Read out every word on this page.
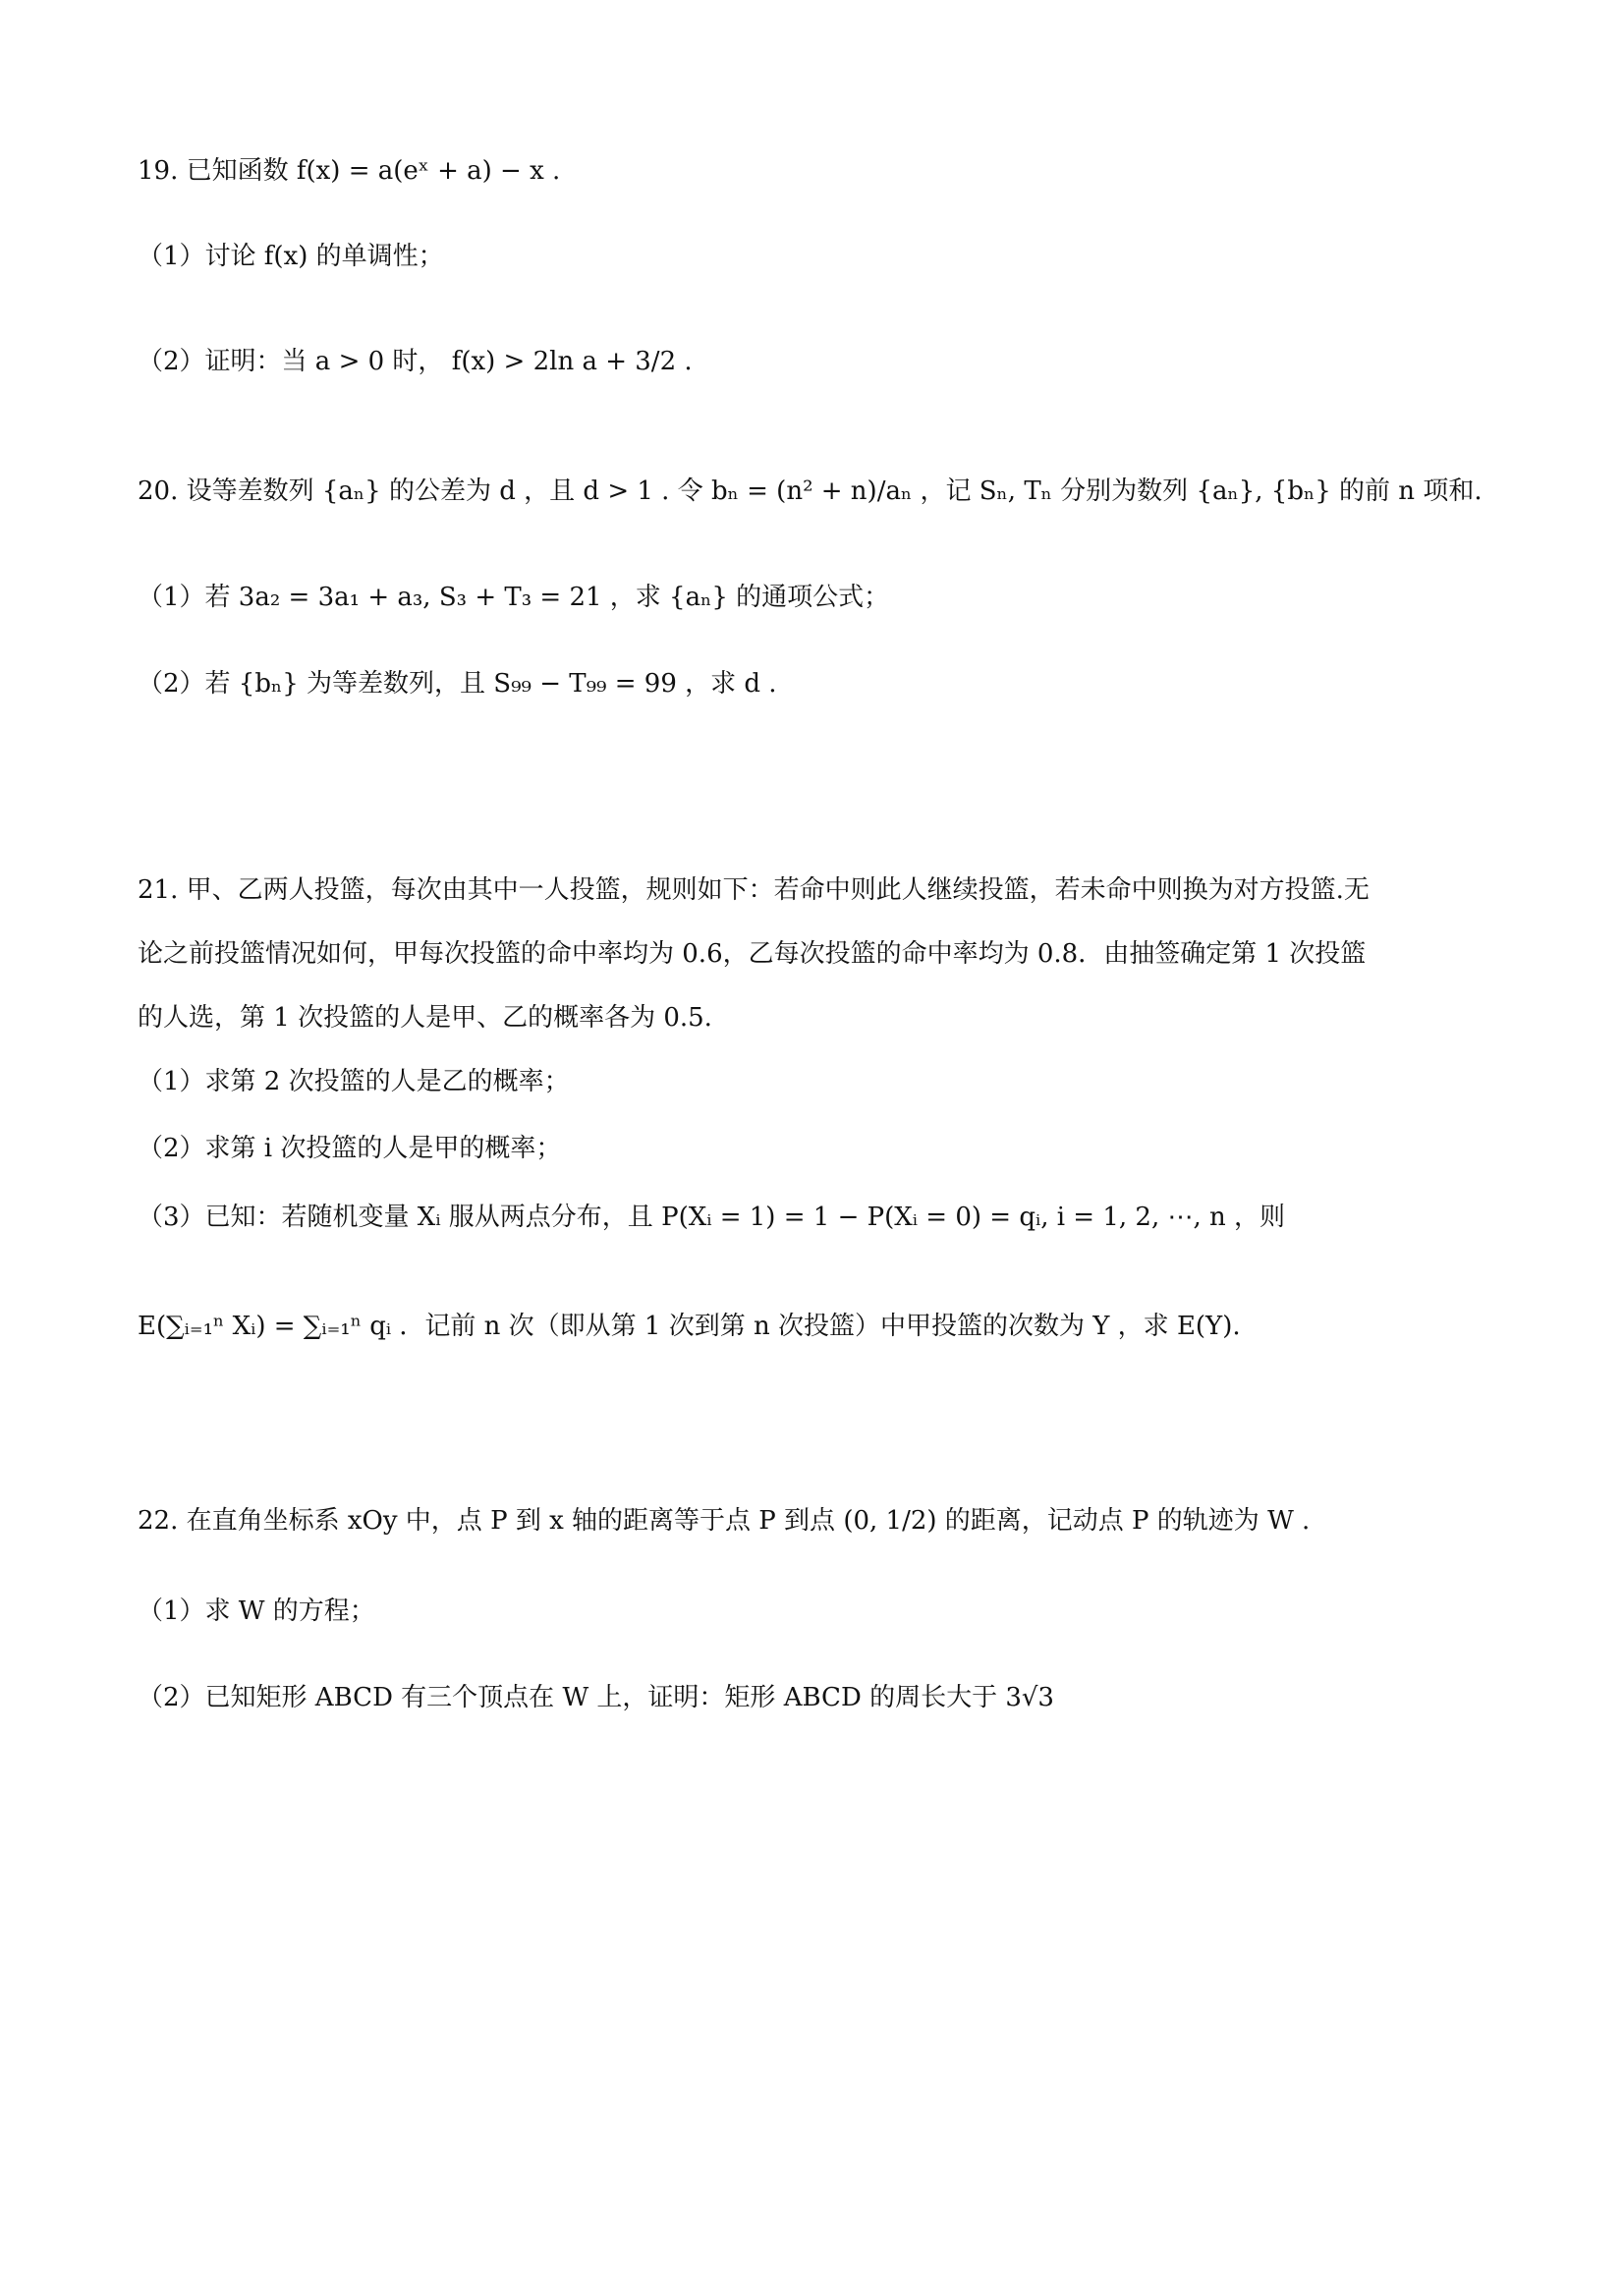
19. 已知函数 f(x) = a(eˣ + a) − x .
（1）讨论 f(x) 的单调性；
（2）证明：当 a > 0 时， f(x) > 2ln a + 3/2 .
20. 设等差数列 {aₙ} 的公差为 d ，且 d > 1 . 令 bₙ = (n² + n)/aₙ ，记 Sₙ, Tₙ 分别为数列 {aₙ}, {bₙ} 的前 n 项和.
（1）若 3a₂ = 3a₁ + a₃, S₃ + T₃ = 21 ，求 {aₙ} 的通项公式；
（2）若 {bₙ} 为等差数列，且 S₉₉ − T₉₉ = 99 ，求 d .
21. 甲、乙两人投篮，每次由其中一人投篮，规则如下：若命中则此人继续投篮，若未命中则换为对方投篮.无
论之前投篮情况如何，甲每次投篮的命中率均为 0.6，乙每次投篮的命中率均为 0.8．由抽签确定第 1 次投篮
的人选，第 1 次投篮的人是甲、乙的概率各为 0.5.
（1）求第 2 次投篮的人是乙的概率；
（2）求第 i 次投篮的人是甲的概率；
（3）已知：若随机变量 Xᵢ 服从两点分布，且 P(Xᵢ = 1) = 1 − P(Xᵢ = 0) = qᵢ, i = 1, 2, ⋯, n ，则
E(∑ᵢ₌₁ⁿ Xᵢ) = ∑ᵢ₌₁ⁿ qᵢ ．记前 n 次（即从第 1 次到第 n 次投篮）中甲投篮的次数为 Y ，求 E(Y).
22. 在直角坐标系 xOy 中，点 P 到 x 轴的距离等于点 P 到点 (0, 1/2) 的距离，记动点 P 的轨迹为 W .
（1）求 W 的方程；
（2）已知矩形 ABCD 有三个顶点在 W 上，证明：矩形 ABCD 的周长大于 3√3
